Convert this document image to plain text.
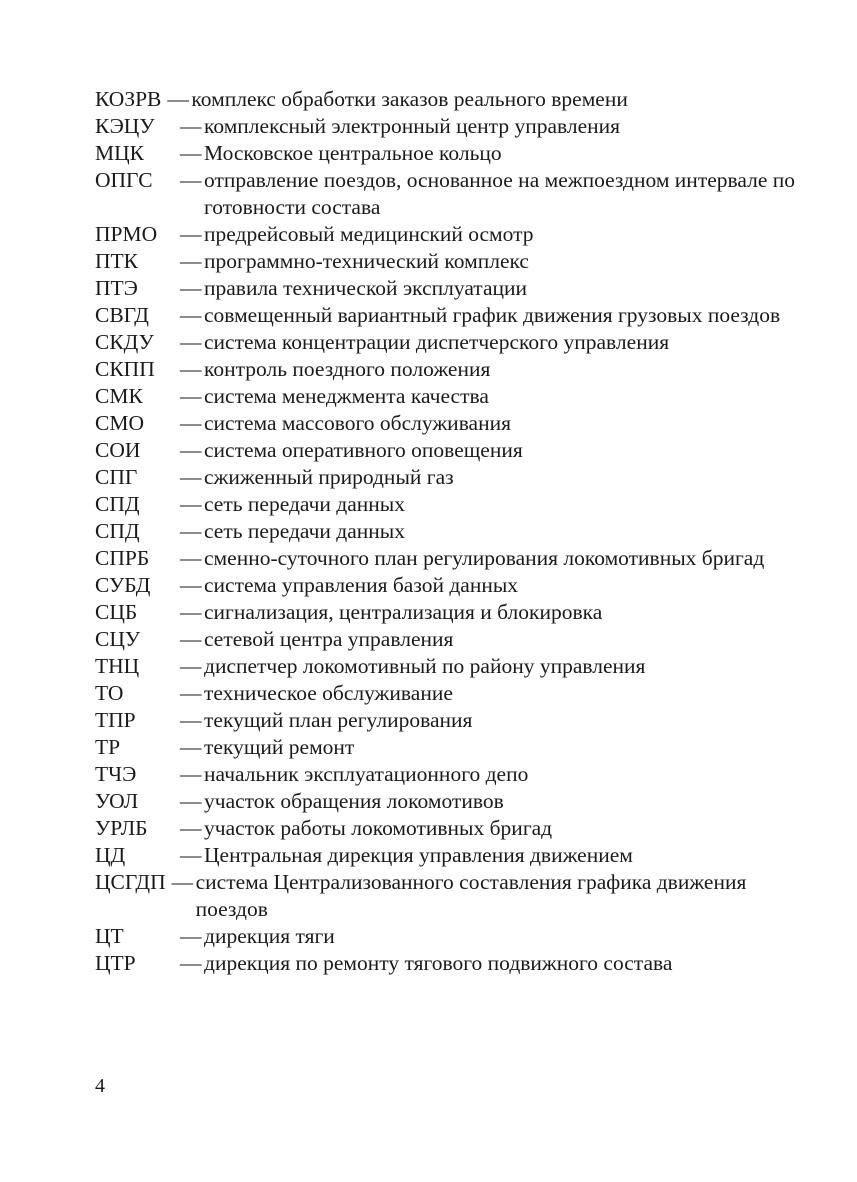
КОЗРВ — комплекс обработки заказов реального времени
КЭЦУ	— комплексный электронный центр управления
МЦК	— Московское центральное кольцо
ОПГС	— отправление поездов, основанное на межпоездном интервале по готовности состава
ПРМО	— предрейсовый медицинский осмотр
ПТК	— программно-технический комплекс
ПТЭ	— правила технической эксплуатации
СВГД	— совмещенный вариантный график движения грузовых поездов
СКДУ	— система концентрации диспетчерского управления
СКПП	— контроль поездного положения
СМК	— система менеджмента качества
СМО	— система массового обслуживания
СОИ	— система оперативного оповещения
СПГ	— сжиженный природный газ
СПД	— сеть передачи данных
СПД	— сеть передачи данных
СПРБ	— сменно-суточного план регулирования локомотивных бригад
СУБД	— система управления базой данных
СЦБ	— сигнализация, централизация и блокировка
СЦУ	— сетевой центра управления
ТНЦ	— диспетчер локомотивный по району управления
ТО	— техническое обслуживание
ТПР	— текущий план регулирования
ТР	— текущий ремонт
ТЧЭ	— начальник эксплуатационного депо
УОЛ	— участок обращения локомотивов
УРЛБ	— участок работы локомотивных бригад
ЦД	— Центральная дирекция управления движением
ЦСГДП — система Централизованного составления графика движения поездов
ЦТ	— дирекция тяги
ЦТР	— дирекция по ремонту тягового подвижного состава
4
